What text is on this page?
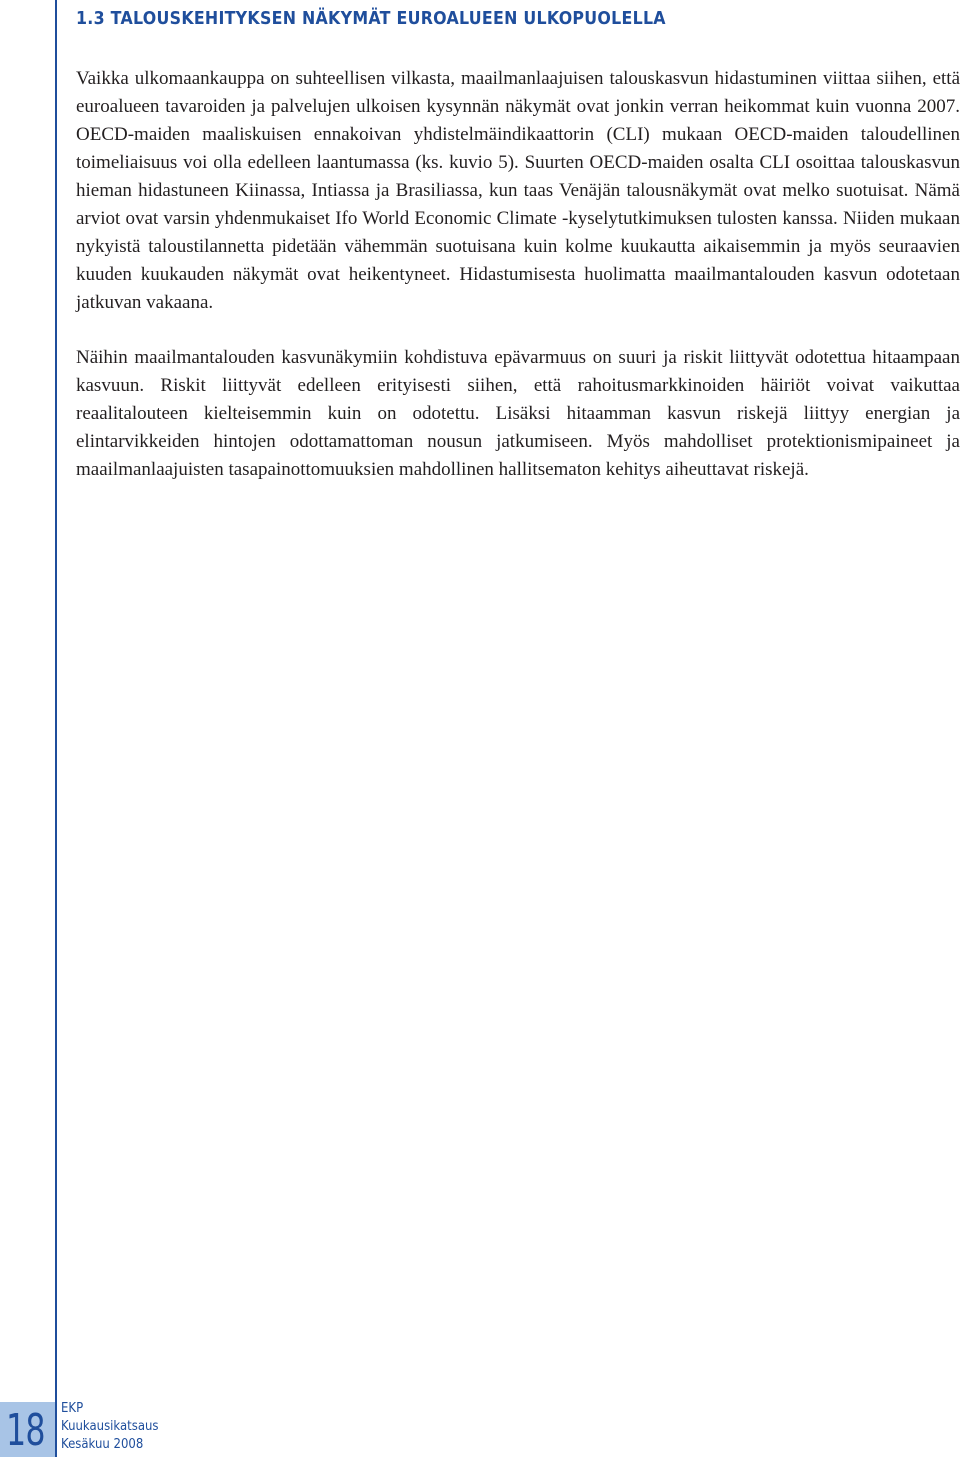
1.3 TALOUSKEHITYKSEN NÄKYMÄT EUROALUEEN ULKOPUOLELLA

Vaikka ulkomaankauppa on suhteellisen vilkasta, maailmanlaajuisen talouskasvun hidastuminen viittaa siihen, että euroalueen tavaroiden ja palvelujen ulkoisen kysynnän näkymät ovat jonkin verran heikommat kuin vuonna 2007. OECD-maiden maaliskuisen ennakoivan yhdistelmäindikaattorin (CLI) mukaan OECD-maiden taloudellinen toimeliaisuus voi olla edelleen laantumassa (ks. kuvio 5). Suurten OECD-maiden osalta CLI osoittaa talouskasvun hieman hidastuneen Kiinassa, Intiassa ja Brasiliassa, kun taas Venäjän talousnäkymät ovat melko suotuisat. Nämä arviot ovat varsin yhdenmukaiset Ifo World Economic Climate -kyselytutkimuksen tulosten kanssa. Niiden mukaan nykyistä taloustilannetta pidetään vähemmän suotuisana kuin kolme kuukautta aikaisemmin ja myös seuraavien kuuden kuukauden näkymät ovat heikentyneet. Hidastumisesta huolimatta maailmantalouden kasvun odotetaan jatkuvan vakaana.

Näihin maailmantalouden kasvunäkymiin kohdistuva epävarmuus on suuri ja riskit liittyvät odotettua hitaampaan kasvuun. Riskit liittyvät edelleen erityisesti siihen, että rahoitusmarkkinoiden häiriöt voivat vaikuttaa reaalitalouteen kielteisemmin kuin on odotettu. Lisäksi hitaamman kasvun riskejä liittyy energian ja elintarvikkeiden hintojen odottamattoman nousun jatkumiseen. Myös mahdolliset protektionismipaineet ja maailmanlaajuisten tasapainottomuuksien mahdollinen hallitsematon kehitys aiheuttavat riskejä.

18 EKP
Kuukausikatsaus
Kesäkuu 2008
